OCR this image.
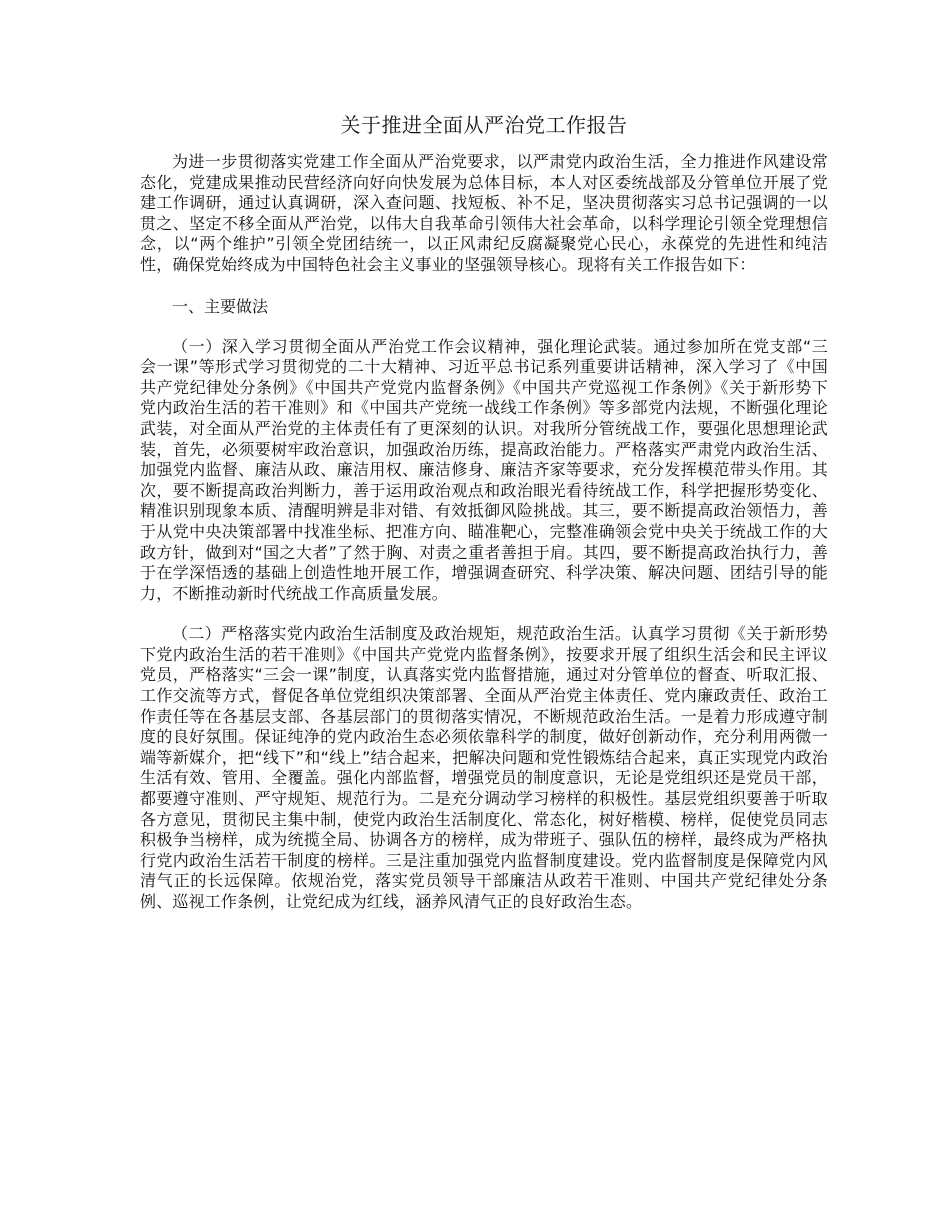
关于推进全面从严治党工作报告

为进一步贯彻落实党建工作全面从严治党要求，以严肃党内政治生活，全力推进作风建设常态化，党建成果推动民营经济向好向快发展为总体目标，本人对区委统战部及分管单位开展了党建工作调研，通过认真调研，深入查问题、找短板、补不足，坚决贯彻落实习总书记强调的一以贯之、坚定不移全面从严治党，以伟大自我革命引领伟大社会革命，以科学理论引领全党理想信念，以“两个维护”引领全党团结统一，以正风肃纪反腐凝聚党心民心，永葆党的先进性和纯洁性，确保党始终成为中国特色社会主义事业的坚强领导核心。现将有关工作报告如下：

一、主要做法

（一）深入学习贯彻全面从严治党工作会议精神，强化理论武装。通过参加所在党支部“三会一课”等形式学习贯彻党的二十大精神、习近平总书记系列重要讲话精神，深入学习了《中国共产党纪律处分条例》《中国共产党党内监督条例》《中国共产党巡视工作条例》《关于新形势下党内政治生活的若干准则》和《中国共产党统一战线工作条例》等多部党内法规，不断强化理论武装，对全面从严治党的主体责任有了更深刻的认识。对我所分管统战工作，要强化思想理论武装，首先，必须要树牢政治意识，加强政治历练，提高政治能力。严格落实严肃党内政治生活、加强党内监督、廉洁从政、廉洁用权、廉洁修身、廉洁齐家等要求，充分发挥模范带头作用。其次，要不断提高政治判断力，善于运用政治观点和政治眼光看待统战工作，科学把握形势变化、精准识别现象本质、清醒明辨是非对错、有效抵御风险挑战。其三，要不断提高政治领悟力，善于从党中央决策部署中找准坐标、把准方向、瞄准靶心，完整准确领会党中央关于统战工作的大政方针，做到对“国之大者”了然于胸、对责之重者善担于肩。其四，要不断提高政治执行力，善于在学深悟透的基础上创造性地开展工作，增强调查研究、科学决策、解决问题、团结引导的能力，不断推动新时代统战工作高质量发展。

（二）严格落实党内政治生活制度及政治规矩，规范政治生活。认真学习贯彻《关于新形势下党内政治生活的若干准则》《中国共产党党内监督条例》，按要求开展了组织生活会和民主评议党员，严格落实“三会一课”制度，认真落实党内监督措施，通过对分管单位的督查、听取汇报、工作交流等方式，督促各单位党组织决策部署、全面从严治党主体责任、党内廉政责任、政治工作责任等在各基层支部、各基层部门的贯彻落实情况，不断规范政治生活。一是着力形成遵守制度的良好氛围。保证纯净的党内政治生态必须依靠科学的制度，做好创新动作，充分利用两微一端等新媒介，把“线下”和“线上”结合起来，把解决问题和党性锻炼结合起来，真正实现党内政治生活有效、管用、全覆盖。强化内部监督，增强党员的制度意识，无论是党组织还是党员干部，都要遵守准则、严守规矩、规范行为。二是充分调动学习榜样的积极性。基层党组织要善于听取各方意见，贯彻民主集中制，使党内政治生活制度化、常态化，树好楷模、榜样，促使党员同志积极争当榜样，成为统揽全局、协调各方的榜样，成为带班子、强队伍的榜样，最终成为严格执行党内政治生活若干制度的榜样。三是注重加强党内监督制度建设。党内监督制度是保障党内风清气正的长远保障。依规治党，落实党员领导干部廉洁从政若干准则、中国共产党纪律处分条例、巡视工作条例，让党纪成为红线，涵养风清气正的良好政治生态。
